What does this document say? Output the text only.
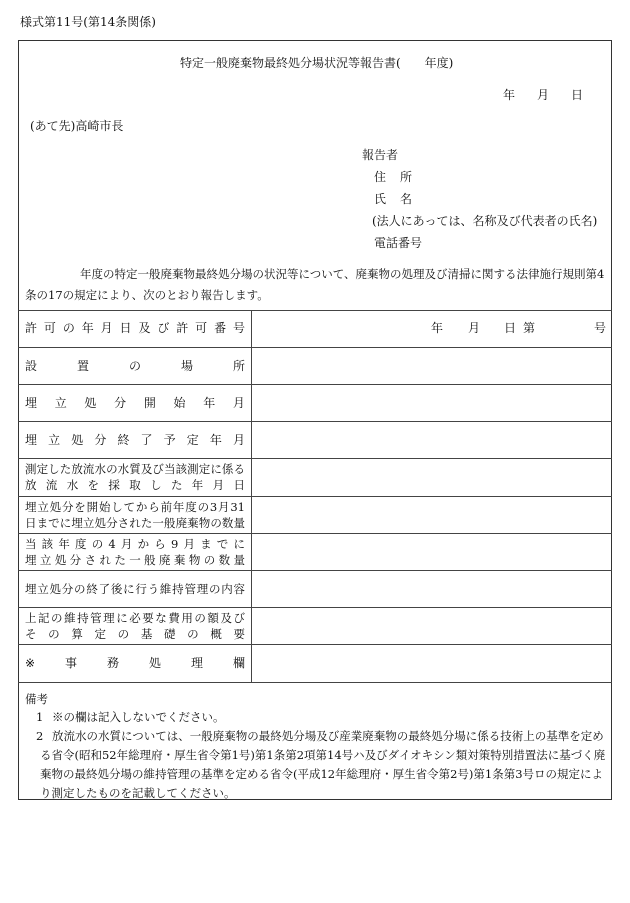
様式第11号(第14条関係)
特定一般廃棄物最終処分場状況等報告書(　　年度)
年 月 日
(あて先)高崎市長
報告者
住 所
氏 名
(法人にあっては、名称及び代表者の氏名)
電話番号
年度の特定一般廃棄物最終処分場の状況等について、廃棄物の処理及び清掃に関する法律施行規則第4
条の17の規定により、次のとおり報告します。
許 可 の 年 月 日 及 び 許 可 番 号	年 月 日 第	号
設	置	の	場	所
埋 立 処 分 開 始 年 月
埋 立 処 分 終 了 予 定 年 月
測定した放流水の水質及び当該測定に係る
放流水を採取した年月日
埋立処分を開始してから前年度の3月31
日までに埋立処分された一般廃棄物の数量
当該年度の4月から9月までに
埋立処分された一般廃棄物の数量
埋立処分の終了後に行う維持管理の内容
上記の維持管理に必要な費用の額及び
その算定の基礎の概要
※ 事 務 処 理 欄
備考
1 ※の欄は記入しないでください。
2 放流水の水質については、一般廃棄物の最終処分場及び産業廃棄物の最終処分場に係る技術上の基準を定め
る省令(昭和52年総理府・厚生省令第1号)第1条第2項第14号ハ及びダイオキシン類対策特別措置法に基づく廃
棄物の最終処分場の維持管理の基準を定める省令(平成12年総理府・厚生省令第2号)第1条第3号ロの規定によ
り測定したものを記載してください。
